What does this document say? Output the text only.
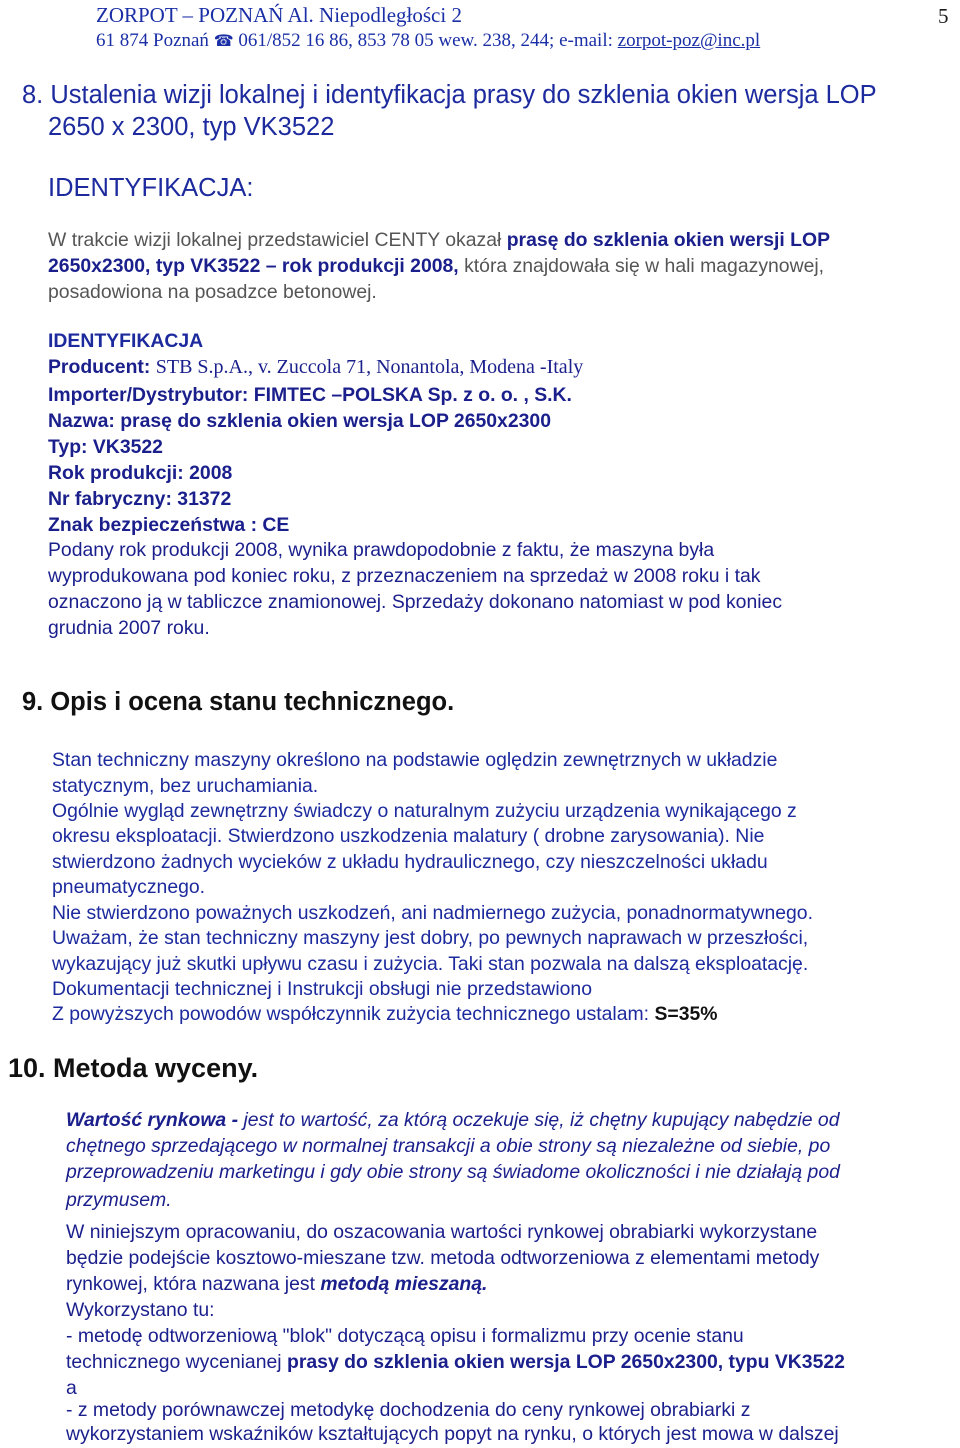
ZORPOT – POZNAŃ Al. Niepodległości 2
61 874 Poznań ☎ 061/852 16 86, 853 78 05 wew. 238, 244; e-mail: zorpot-poz@inc.pl
5
8. Ustalenia wizji lokalnej i identyfikacja prasy do szklenia okien wersja LOP
2650 x 2300, typ VK3522
IDENTYFIKACJA:
W trakcie wizji lokalnej przedstawiciel CENTY okazał prasę do szklenia okien wersji LOP
2650x2300, typ VK3522 – rok produkcji 2008, która znajdowała się w hali magazynowej,
posadowiona na posadzce betonowej.
IDENTYFIKACJA
Producent: STB S.p.A., v. Zuccola 71, Nonantola, Modena -Italy
Importer/Dystrybutor: FIMTEC –POLSKA Sp. z o. o. , S.K.
Nazwa: prasę do szklenia okien wersja LOP 2650x2300
Typ: VK3522
Rok produkcji: 2008
Nr fabryczny: 31372
Znak bezpieczeństwa : CE
Podany rok produkcji 2008, wynika prawdopodobnie z faktu, że maszyna była
wyprodukowana pod koniec roku, z przeznaczeniem na sprzedaż w 2008 roku i tak
oznaczono ją w tabliczce znamionowej. Sprzedaży dokonano natomiast w pod koniec
grudnia 2007 roku.
9. Opis i ocena stanu technicznego.
Stan techniczny maszyny określono na podstawie oględzin zewnętrznych w układzie
statycznym, bez uruchamiania.
Ogólnie wygląd zewnętrzny świadczy o naturalnym zużyciu urządzenia wynikającego z
okresu eksploatacji. Stwierdzono uszkodzenia malatury ( drobne zarysowania). Nie
stwierdzono żadnych wycieków z układu hydraulicznego, czy nieszczelności układu
pneumatycznego.
Nie stwierdzono poważnych uszkodzeń, ani nadmiernego zużycia, ponadnormatywnego.
Uważam, że stan techniczny maszyny jest dobry, po pewnych naprawach w przeszłości,
wykazujący już skutki upływu czasu i zużycia. Taki stan pozwala na dalszą eksploatację.
Dokumentacji technicznej i Instrukcji obsługi nie przedstawiono
Z powyższych powodów współczynnik zużycia technicznego ustalam: S=35%
10. Metoda wyceny.
Wartość rynkowa - jest to wartość, za którą oczekuje się, iż chętny kupujący nabędzie od
chętnego sprzedającego w normalnej transakcji a obie strony są niezależne od siebie, po
przeprowadzeniu marketingu i gdy obie strony są świadome okoliczności i nie działają pod
przymusem.
W niniejszym opracowaniu, do oszacowania wartości rynkowej obrabiarki wykorzystane
będzie podejście kosztowo-mieszane tzw. metoda odtworzeniowa z elementami metody
rynkowej, która nazwana jest metodą mieszaną.
Wykorzystano tu:
- metodę odtworzeniową "blok" dotyczącą opisu i formalizmu przy ocenie stanu
technicznego wycenianej prasy do szklenia okien wersja LOP 2650x2300, typu VK3522
a
- z metody porównawczej metodykę dochodzenia do ceny rynkowej obrabiarki z
wykorzystaniem wskaźników kształtujących popyt na rynku, o których jest mowa w dalszej
